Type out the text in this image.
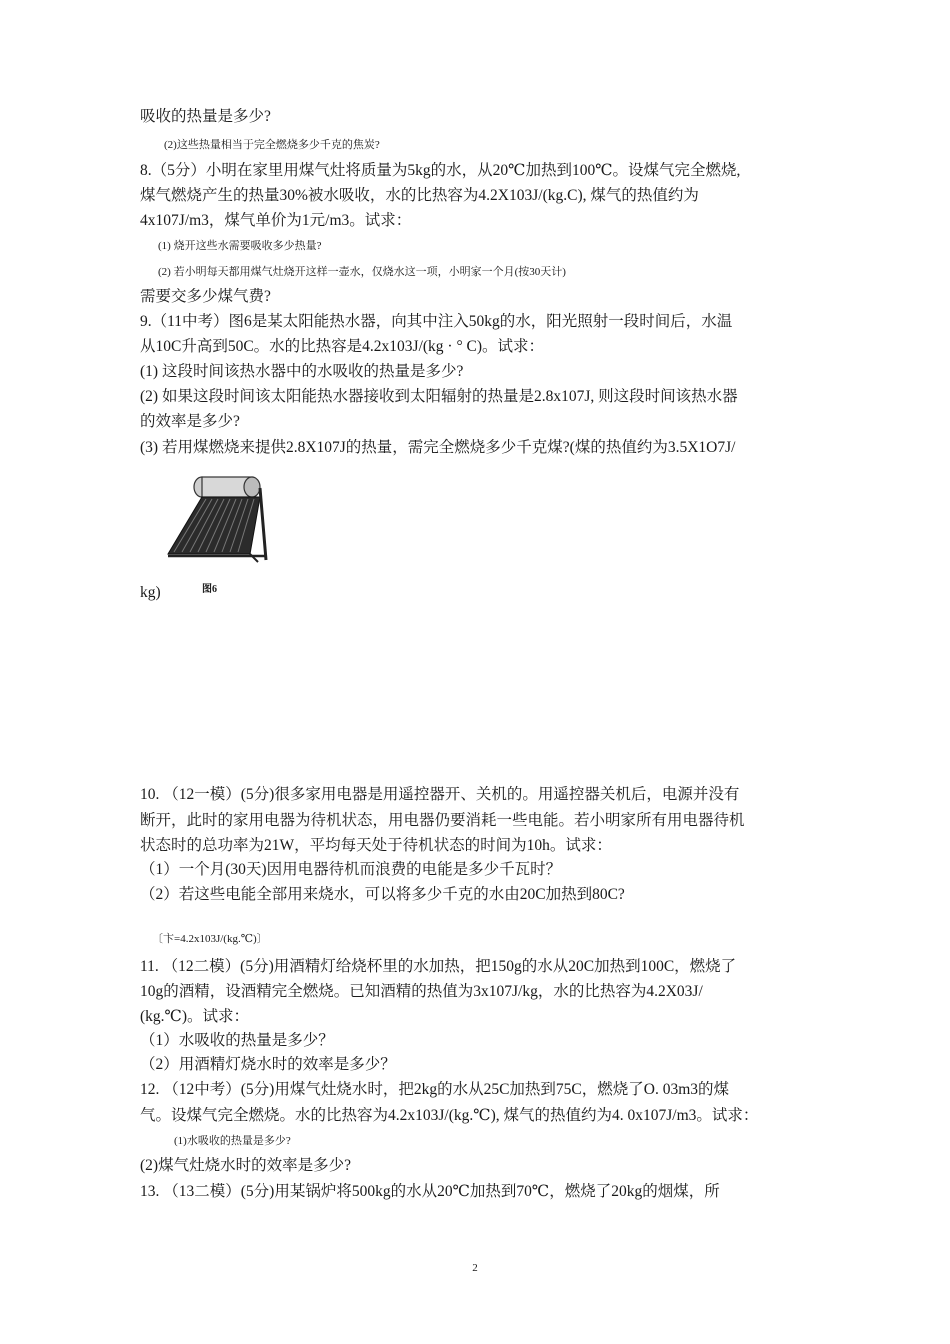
吸收的热量是多少?
(2)这些热量相当于完全燃烧多少千克的焦炭?
8.（5分）小明在家里用煤气灶将质量为5kg的水，从20℃加热到100℃。设煤气完全燃烧,
煤气燃烧产生的热量30%被水吸收，水的比热容为4.2X103J/(kg.C), 煤气的热值约为
4x107J/m3，煤气单价为1元/m3。试求：
(1) 烧开这些水需要吸收多少热量?
(2) 若小明每天都用煤气灶烧开这样一壶水，仅烧水这一项，小明家一个月(按30天计)
需要交多少煤气费?
9.（11中考）图6是某太阳能热水器，向其中注入50kg的水，阳光照射一段时间后，水温
从10C升高到50C。水的比热容是4.2x103J/(kg · ° C)。试求：
(1) 这段时间该热水器中的水吸收的热量是多少?
(2) 如果这段时间该太阳能热水器接收到太阳辐射的热量是2.8x107J, 则这段时间该热水器
的效率是多少?
(3) 若用煤燃烧来提供2.8X107J的热量，需完全燃烧多少千克煤?(煤的热值约为3.5X1O7J/
图6
kg)
10. （12一模）(5分)很多家用电器是用遥控器开、关机的。用遥控器关机后，电源并没有
断开，此时的家用电器为待机状态，用电器仍要消耗一些电能。若小明家所有用电器待机
状态时的总功率为21W，平均每天处于待机状态的时间为10h。试求：
（1）一个月(30天)因用电器待机而浪费的电能是多少千瓦时？
（2）若这些电能全部用来烧水，可以将多少千克的水由20C加热到80C?
〔卞=4.2x103J/(kg.℃)〕
11. （12二模）(5分)用酒精灯给烧杯里的水加热，把150g的水从20C加热到100C，燃烧了
10g的酒精，设酒精完全燃烧。已知酒精的热值为3x107J/kg，水的比热容为4.2X03J/
(kg.℃)。试求：
（1）水吸收的热量是多少？
（2）用酒精灯烧水时的效率是多少？
12. （12中考）(5分)用煤气灶烧水时，把2kg的水从25C加热到75C，燃烧了O. 03m3的煤
气。设煤气完全燃烧。水的比热容为4.2x103J/(kg.℃), 煤气的热值约为4. 0x107J/m3。试求：
(1)水吸收的热量是多少?
(2)煤气灶烧水时的效率是多少?
13. （13二模）(5分)用某锅炉将500kg的水从20℃加热到70℃，燃烧了20kg的烟煤，所
2
